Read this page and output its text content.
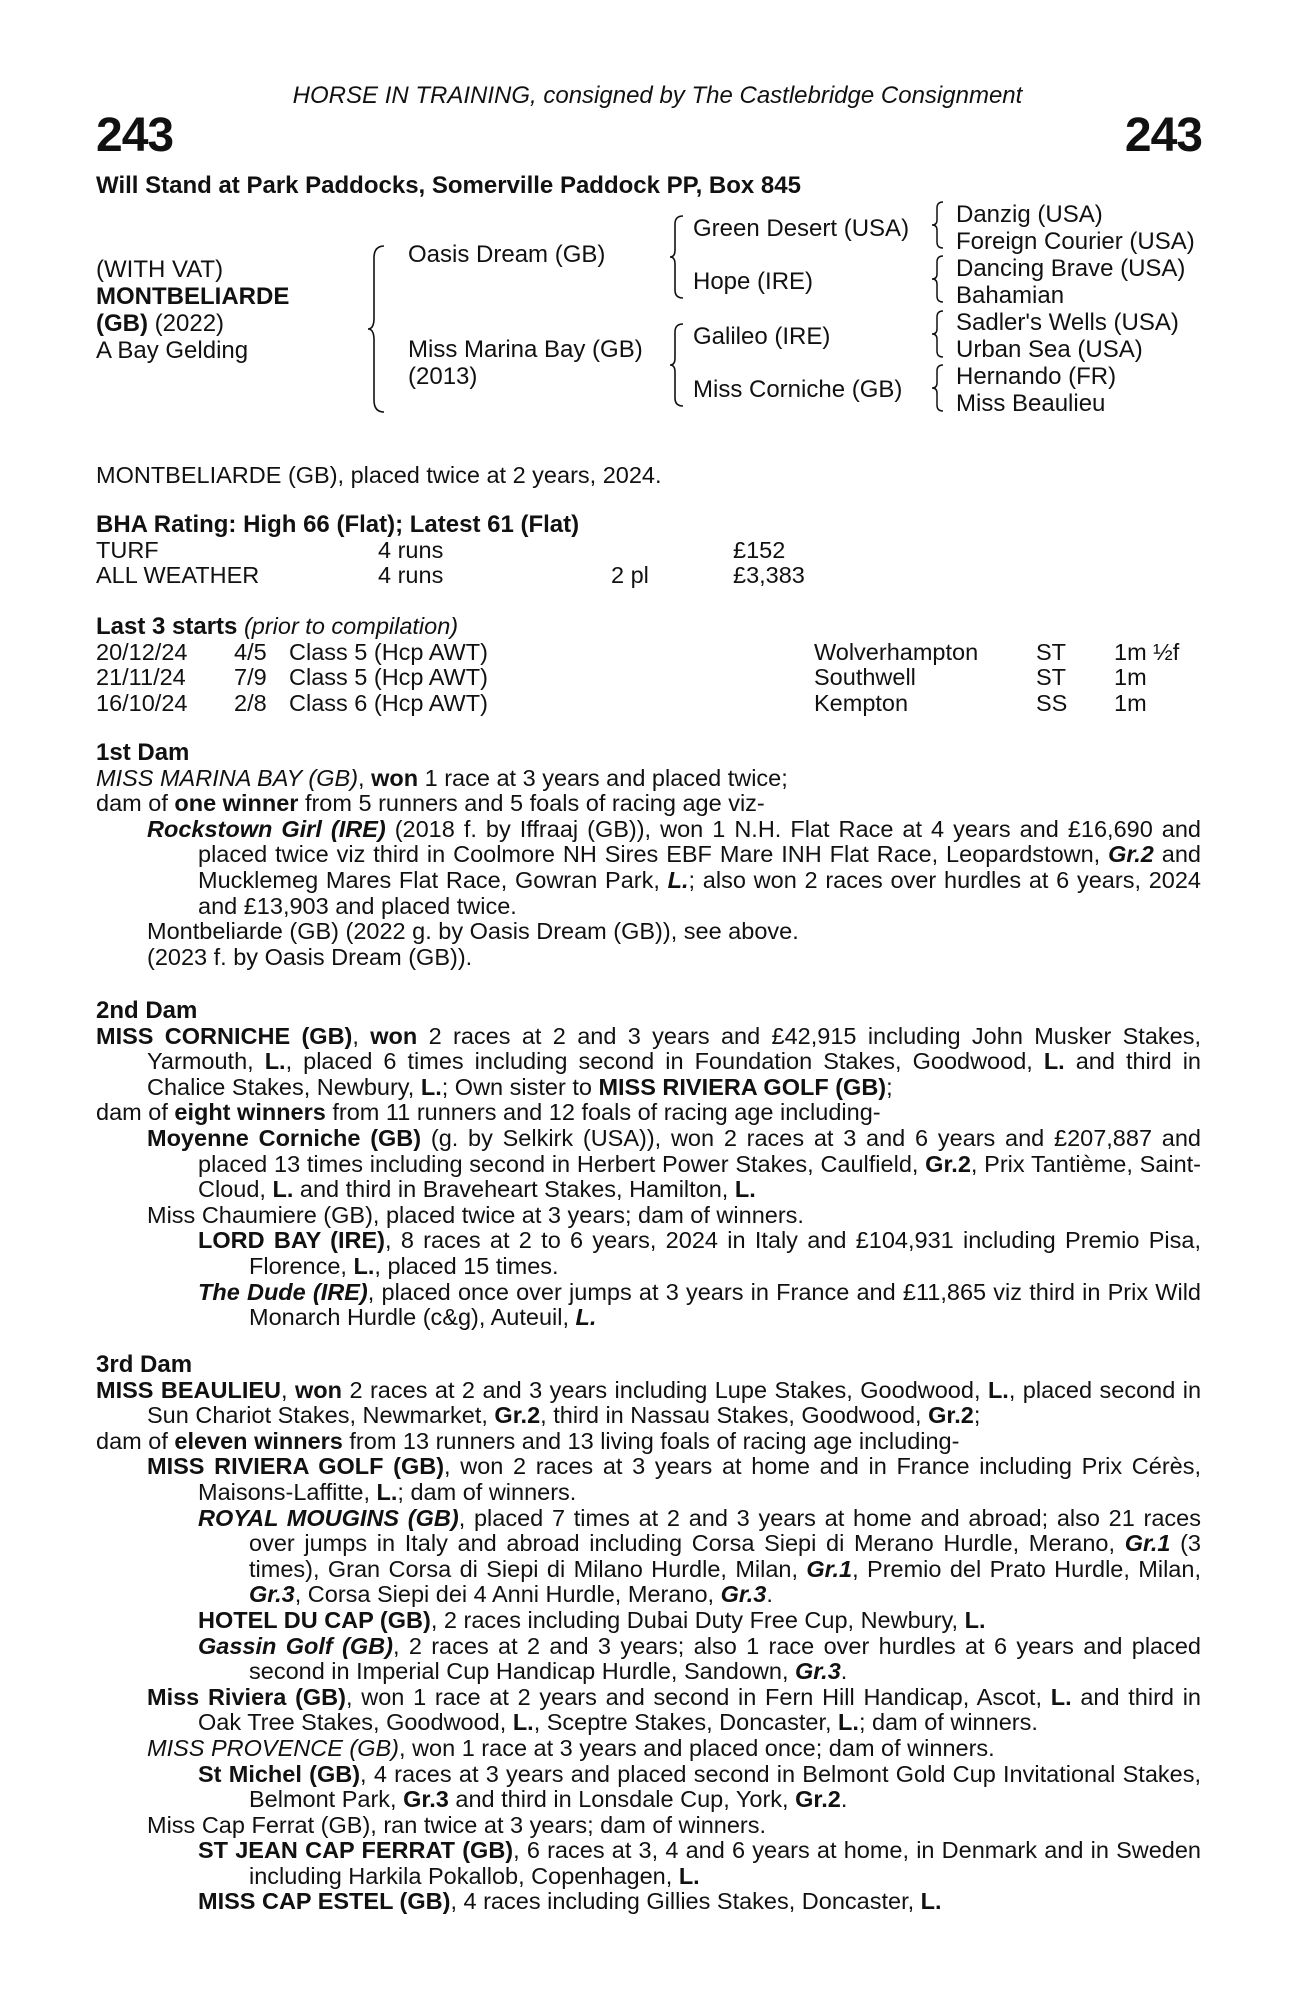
HORSE IN TRAINING, consigned by The Castlebridge Consignment
243	243
Will Stand at Park Paddocks, Somerville Paddock PP, Box 845
(WITH VAT)
MONTBELIARDE
(GB) (2022)
A Bay Gelding
Oasis Dream (GB)
Miss Marina Bay (GB)
(2013)
Green Desert (USA)
Hope (IRE)
Galileo (IRE)
Miss Corniche (GB)
Danzig (USA)
Foreign Courier (USA)
Dancing Brave (USA)
Bahamian
Sadler's Wells (USA)
Urban Sea (USA)
Hernando (FR)
Miss Beaulieu
MONTBELIARDE (GB), placed twice at 2 years, 2024.
BHA Rating: High 66 (Flat); Latest 61 (Flat)
TURF	4 runs		£152
ALL WEATHER	4 runs	2 pl	£3,383
Last 3 starts (prior to compilation)
20/12/24	4/5	Class 5 (Hcp AWT)	Wolverhampton	ST	1m ½f
21/11/24	7/9	Class 5 (Hcp AWT)	Southwell	ST	1m
16/10/24	2/8	Class 6 (Hcp AWT)	Kempton	SS	1m
1st Dam
MISS MARINA BAY (GB), won 1 race at 3 years and placed twice;
dam of one winner from 5 runners and 5 foals of racing age viz-
Rockstown Girl (IRE) (2018 f. by Iffraaj (GB)), won 1 N.H. Flat Race at 4 years and £16,690 and placed twice viz third in Coolmore NH Sires EBF Mare INH Flat Race, Leopardstown, Gr.2 and Mucklemeg Mares Flat Race, Gowran Park, L.; also won 2 races over hurdles at 6 years, 2024 and £13,903 and placed twice.
Montbeliarde (GB) (2022 g. by Oasis Dream (GB)), see above.
(2023 f. by Oasis Dream (GB)).
2nd Dam
MISS CORNICHE (GB), won 2 races at 2 and 3 years and £42,915 including John Musker Stakes, Yarmouth, L., placed 6 times including second in Foundation Stakes, Goodwood, L. and third in Chalice Stakes, Newbury, L.; Own sister to MISS RIVIERA GOLF (GB);
dam of eight winners from 11 runners and 12 foals of racing age including-
Moyenne Corniche (GB) (g. by Selkirk (USA)), won 2 races at 3 and 6 years and £207,887 and placed 13 times including second in Herbert Power Stakes, Caulfield, Gr.2, Prix Tantième, Saint-Cloud, L. and third in Braveheart Stakes, Hamilton, L.
Miss Chaumiere (GB), placed twice at 3 years; dam of winners.
LORD BAY (IRE), 8 races at 2 to 6 years, 2024 in Italy and £104,931 including Premio Pisa, Florence, L., placed 15 times.
The Dude (IRE), placed once over jumps at 3 years in France and £11,865 viz third in Prix Wild Monarch Hurdle (c&g), Auteuil, L.
3rd Dam
MISS BEAULIEU, won 2 races at 2 and 3 years including Lupe Stakes, Goodwood, L., placed second in Sun Chariot Stakes, Newmarket, Gr.2, third in Nassau Stakes, Goodwood, Gr.2;
dam of eleven winners from 13 runners and 13 living foals of racing age including-
MISS RIVIERA GOLF (GB), won 2 races at 3 years at home and in France including Prix Cérès, Maisons-Laffitte, L.; dam of winners.
ROYAL MOUGINS (GB), placed 7 times at 2 and 3 years at home and abroad; also 21 races over jumps in Italy and abroad including Corsa Siepi di Merano Hurdle, Merano, Gr.1 (3 times), Gran Corsa di Siepi di Milano Hurdle, Milan, Gr.1, Premio del Prato Hurdle, Milan, Gr.3, Corsa Siepi dei 4 Anni Hurdle, Merano, Gr.3.
HOTEL DU CAP (GB), 2 races including Dubai Duty Free Cup, Newbury, L.
Gassin Golf (GB), 2 races at 2 and 3 years; also 1 race over hurdles at 6 years and placed second in Imperial Cup Handicap Hurdle, Sandown, Gr.3.
Miss Riviera (GB), won 1 race at 2 years and second in Fern Hill Handicap, Ascot, L. and third in Oak Tree Stakes, Goodwood, L., Sceptre Stakes, Doncaster, L.; dam of winners.
MISS PROVENCE (GB), won 1 race at 3 years and placed once; dam of winners.
St Michel (GB), 4 races at 3 years and placed second in Belmont Gold Cup Invitational Stakes, Belmont Park, Gr.3 and third in Lonsdale Cup, York, Gr.2.
Miss Cap Ferrat (GB), ran twice at 3 years; dam of winners.
ST JEAN CAP FERRAT (GB), 6 races at 3, 4 and 6 years at home, in Denmark and in Sweden including Harkila Pokallob, Copenhagen, L.
MISS CAP ESTEL (GB), 4 races including Gillies Stakes, Doncaster, L.
